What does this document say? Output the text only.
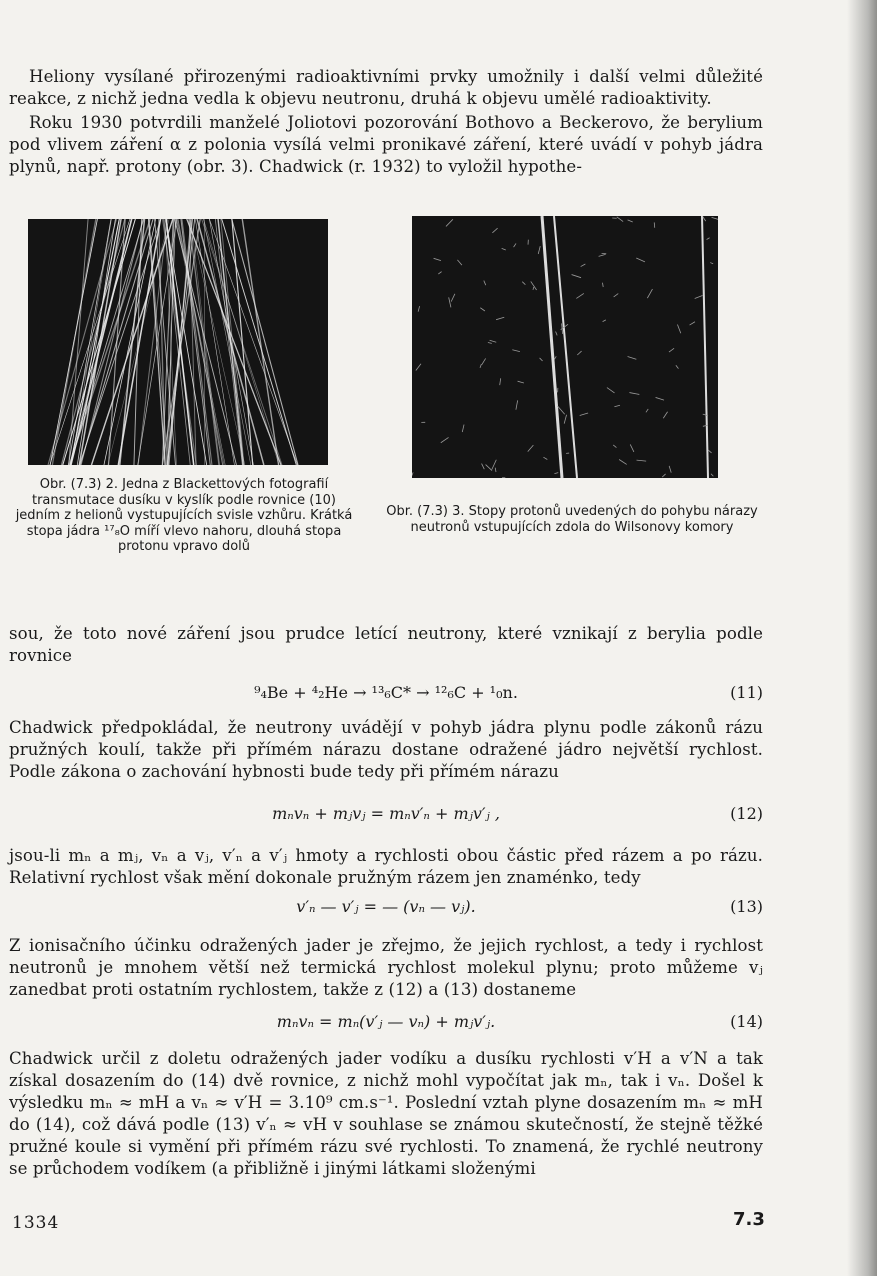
Heliony vysílané přirozenými radioaktivními prvky umožnily i další velmi důležité reakce, z nichž jedna vedla k objevu neutronu, druhá k objevu umělé radioaktivity.
Roku 1930 potvrdili manželé Joliotovi pozorování Bothovo a Beckerovo, že berylium pod vlivem záření α z polonia vysílá velmi pronikavé záření, které uvádí v pohyb jádra plynů, např. protony (obr. 3). Chadwick (r. 1932) to vyložil hypothe-
Obr. (7.3) 2. Jedna z Blackettových fotografií transmutace dusíku v kyslík podle rovnice (10) jedním z helionů vystupujících svisle vzhůru. Krátká stopa jádra ¹⁷₈O míří vlevo nahoru, dlouhá stopa protonu vpravo dolů
Obr. (7.3) 3. Stopy protonů uvedených do pohybu nárazy neutronů vstupujících zdola do Wilsonovy komory
sou, že toto nové záření jsou prudce letící neutrony, které vznikají z berylia podle rovnice
⁹₄Be + ⁴₂He → ¹³₆C* → ¹²₆C + ¹₀n.	(11)
Chadwick předpokládal, že neutrony uvádějí v pohyb jádra plynu podle zákonů rázu pružných koulí, takže při přímém nárazu dostane odražené jádro největší rychlost. Podle zákona o zachování hybnosti bude tedy při přímém nárazu
mₙvₙ + mⱼvⱼ = mₙv′ₙ + mⱼv′ⱼ ,	(12)
jsou-li mₙ a mⱼ, vₙ a vⱼ, v′ₙ a v′ⱼ hmoty a rychlosti obou částic před rázem a po rázu. Relativní rychlost však mění dokonale pružným rázem jen znaménko, tedy
v′ₙ — v′ⱼ = — (vₙ — vⱼ).	(13)
Z ionisačního účinku odražených jader je zřejmo, že jejich rychlost, a tedy i rychlost neutronů je mnohem větší než termická rychlost molekul plynu; proto můžeme vⱼ zanedbat proti ostatním rychlostem, takže z (12) a (13) dostaneme
mₙvₙ = mₙ(v′ⱼ — vₙ) + mⱼv′ⱼ.	(14)
Chadwick určil z doletu odražených jader vodíku a dusíku rychlosti v′H a v′N a tak získal dosazením do (14) dvě rovnice, z nichž mohl vypočítat jak mₙ, tak i vₙ. Došel k výsledku mₙ ≈ mH a vₙ ≈ v′H = 3.10⁹ cm.s⁻¹. Poslední vztah plyne dosazením mₙ ≈ mH do (14), což dává podle (13) v′ₙ ≈ vH v souhlase se známou skutečností, že stejně těžké pružné koule si vymění při přímém rázu své rychlosti. To znamená, že rychlé neutrony se průchodem vodíkem (a přibližně i jinými látkami složenými
1334	7.3
